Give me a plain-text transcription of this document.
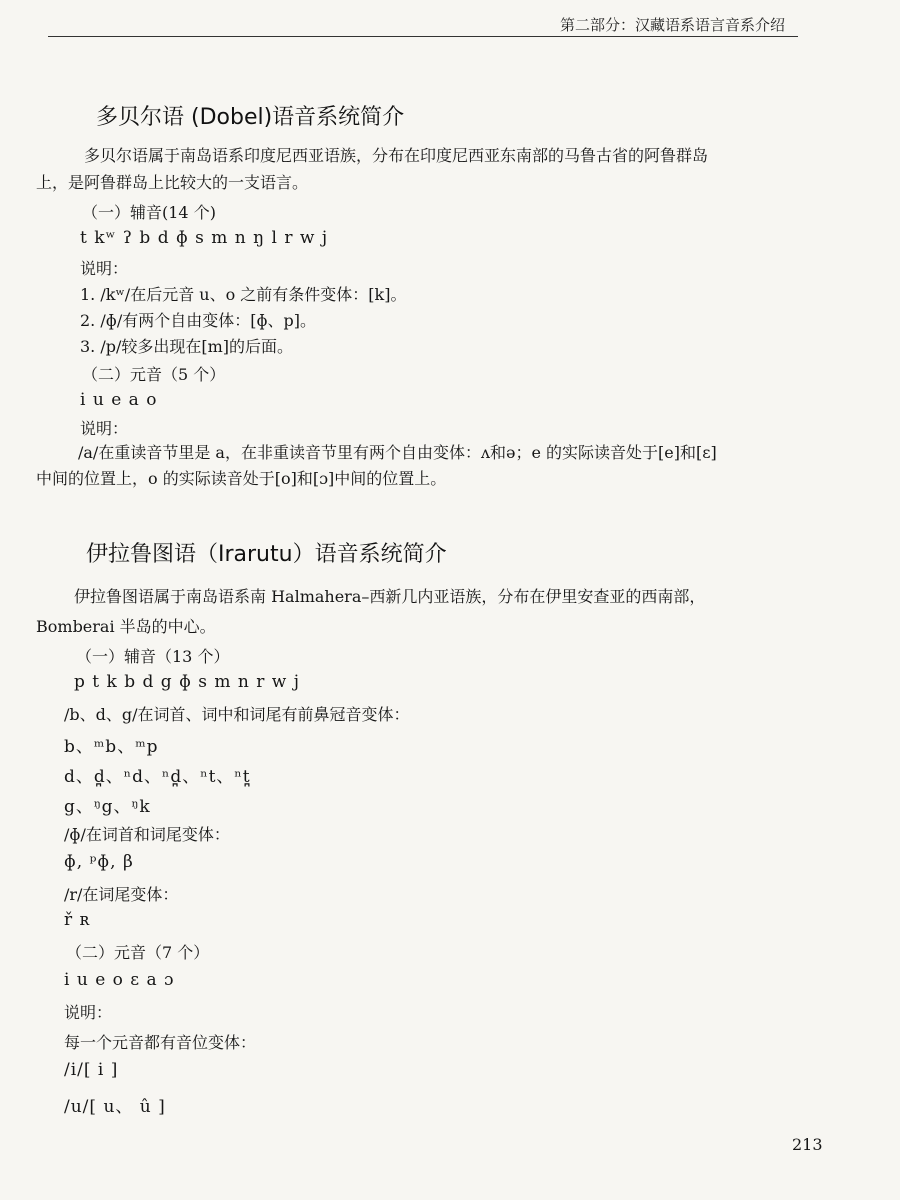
第二部分：汉藏语系语言音系介绍
多贝尔语 (Dobel)语音系统简介
多贝尔语属于南岛语系印度尼西亚语族，分布在印度尼西亚东南部的马鲁古省的阿鲁群岛
上，是阿鲁群岛上比较大的一支语言。
（一）辅音(14 个)
t kʷ ʔ b d ɸ s m n ŋ l r w j
说明：
1. /kʷ/在后元音 u、o 之前有条件变体：[k]。
2. /ɸ/有两个自由变体：[ɸ、p]。
3. /p/较多出现在[m]的后面。
（二）元音（5 个）
i u e a o
说明：
/a/在重读音节里是 a，在非重读音节里有两个自由变体：ʌ和ə；e 的实际读音处于[e]和[ɛ]
中间的位置上，o 的实际读音处于[o]和[ɔ]中间的位置上。
伊拉鲁图语（Irarutu）语音系统简介
伊拉鲁图语属于南岛语系南 Halmahera–西新几内亚语族，分布在伊里安查亚的西南部，
Bomberai 半岛的中心。
（一）辅音（13 个）
p t k b d g ɸ s m n r w j
/b、d、g/在词首、词中和词尾有前鼻冠音变体：
b、ᵐb、ᵐp
d、d̪、ⁿd、ⁿd̪、ⁿt、ⁿt̪
g、ᵑg、ᵑk
/ɸ/在词首和词尾变体：
ɸ, ᵖɸ, β
/r/在词尾变体：
ř ʀ
（二）元音（7 个）
i u e o ɛ a ɔ
说明：
每一个元音都有音位变体：
/i/[ i ]
/u/[ u、 û ]
213
